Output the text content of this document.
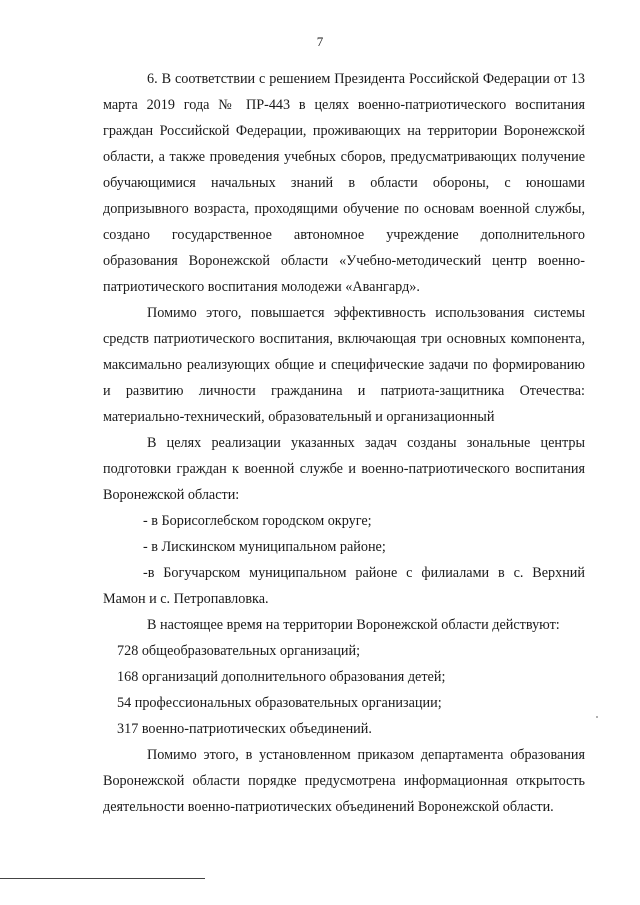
7

6. В соответствии с решением Президента Российской Федерации от 13 марта 2019 года № ПР-443 в целях военно-патриотического воспитания граждан Российской Федерации, проживающих на территории Воронежской области, а также проведения учебных сборов, предусматривающих получение обучающимися начальных знаний в области обороны, с юношами допризывного возраста, проходящими обучение по основам военной службы, создано государственное автономное учреждение дополнительного образования Воронежской области «Учебно-методический центр военно-патриотического воспитания молодежи «Авангард».

Помимо этого, повышается эффективность использования системы средств патриотического воспитания, включающая три основных компонента, максимально реализующих общие и специфические задачи по формированию и развитию личности гражданина и патриота-защитника Отечества: материально-технический, образовательный и организационный

В целях реализации указанных задач созданы зональные центры подготовки граждан к военной службе и военно-патриотического воспитания Воронежской области:

- в Борисоглебском городском округе;

- в Лискинском муниципальном районе;

-в Богучарском муниципальном районе с филиалами в с. Верхний Мамон и с. Петропавловка.

В настоящее время на территории Воронежской области действуют:

728 общеобразовательных организаций;

168 организаций дополнительного образования детей;

54 профессиональных образовательных организации;

317 военно-патриотических объединений.

Помимо этого, в установленном приказом департамента образования Воронежской области порядке предусмотрена информационная открытость деятельности военно-патриотических объединений Воронежской области.
